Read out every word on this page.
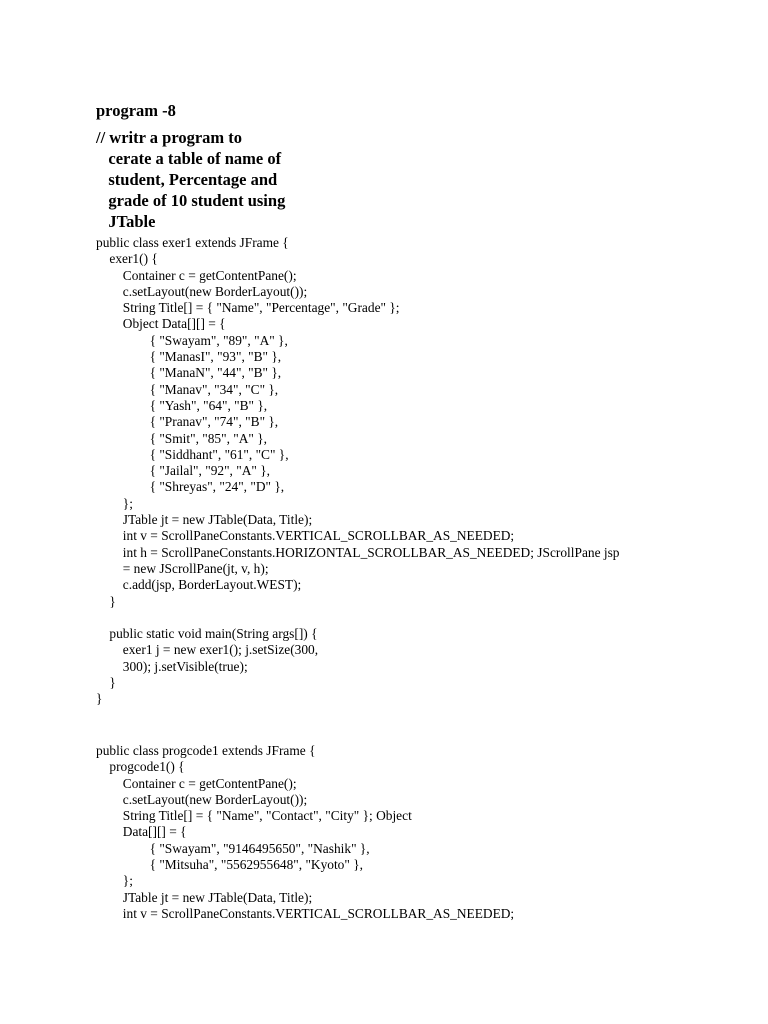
program -8
// writr a program to
cerate a table of name of
student, Percentage and
grade of 10 student using
JTable
public class exer1 extends JFrame {
exer1() {
Container c = getContentPane();
c.setLayout(new BorderLayout());
String Title[] = { "Name", "Percentage", "Grade" };
Object Data[][] = {
{ "Swayam", "89", "A" },
{ "ManasI", "93", "B" },
{ "ManaN", "44", "B" },
{ "Manav", "34", "C" },
{ "Yash", "64", "B" },
{ "Pranav", "74", "B" },
{ "Smit", "85", "A" },
{ "Siddhant", "61", "C" },
{ "Jailal", "92", "A" },
{ "Shreyas", "24", "D" },
};
JTable jt = new JTable(Data, Title);
int v = ScrollPaneConstants.VERTICAL_SCROLLBAR_AS_NEEDED;
int h = ScrollPaneConstants.HORIZONTAL_SCROLLBAR_AS_NEEDED; JScrollPane jsp
= new JScrollPane(jt, v, h);
c.add(jsp, BorderLayout.WEST);
}

public static void main(String args[]) {
exer1 j = new exer1(); j.setSize(300,
300); j.setVisible(true);
}
}
public class progcode1 extends JFrame {
progcode1() {
Container c = getContentPane();
c.setLayout(new BorderLayout());
String Title[] = { "Name", "Contact", "City" }; Object
Data[][] = {
{ "Swayam", "9146495650", "Nashik" },
{ "Mitsuha", "5562955648", "Kyoto" },
};
JTable jt = new JTable(Data, Title);
int v = ScrollPaneConstants.VERTICAL_SCROLLBAR_AS_NEEDED;
